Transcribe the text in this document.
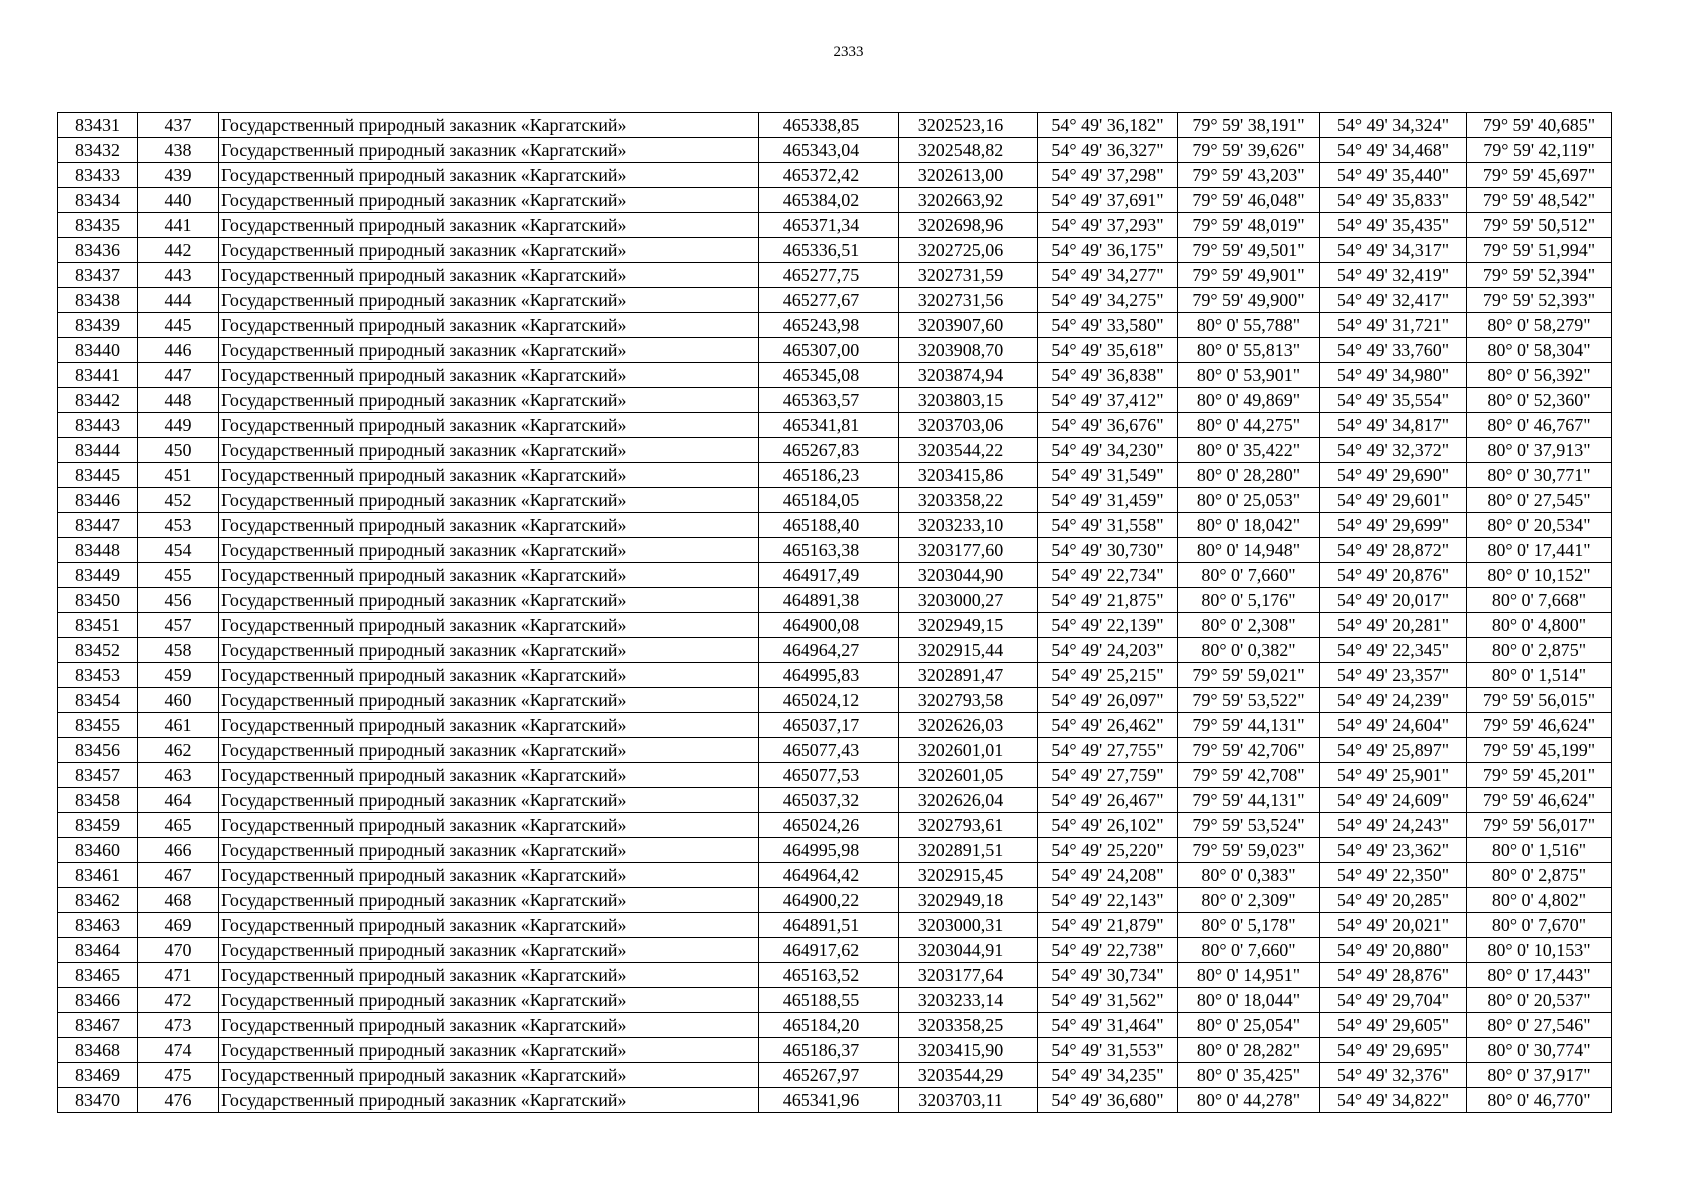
2333
83431	437	Государственный природный заказник «Каргатский»	465338,85	3202523,16	54° 49' 36,182"	79° 59' 38,191"	54° 49' 34,324"	79° 59' 40,685"
83432	438	Государственный природный заказник «Каргатский»	465343,04	3202548,82	54° 49' 36,327"	79° 59' 39,626"	54° 49' 34,468"	79° 59' 42,119"
83433	439	Государственный природный заказник «Каргатский»	465372,42	3202613,00	54° 49' 37,298"	79° 59' 43,203"	54° 49' 35,440"	79° 59' 45,697"
83434	440	Государственный природный заказник «Каргатский»	465384,02	3202663,92	54° 49' 37,691"	79° 59' 46,048"	54° 49' 35,833"	79° 59' 48,542"
83435	441	Государственный природный заказник «Каргатский»	465371,34	3202698,96	54° 49' 37,293"	79° 59' 48,019"	54° 49' 35,435"	79° 59' 50,512"
83436	442	Государственный природный заказник «Каргатский»	465336,51	3202725,06	54° 49' 36,175"	79° 59' 49,501"	54° 49' 34,317"	79° 59' 51,994"
83437	443	Государственный природный заказник «Каргатский»	465277,75	3202731,59	54° 49' 34,277"	79° 59' 49,901"	54° 49' 32,419"	79° 59' 52,394"
83438	444	Государственный природный заказник «Каргатский»	465277,67	3202731,56	54° 49' 34,275"	79° 59' 49,900"	54° 49' 32,417"	79° 59' 52,393"
83439	445	Государственный природный заказник «Каргатский»	465243,98	3203907,60	54° 49' 33,580"	80° 0' 55,788"	54° 49' 31,721"	80° 0' 58,279"
83440	446	Государственный природный заказник «Каргатский»	465307,00	3203908,70	54° 49' 35,618"	80° 0' 55,813"	54° 49' 33,760"	80° 0' 58,304"
83441	447	Государственный природный заказник «Каргатский»	465345,08	3203874,94	54° 49' 36,838"	80° 0' 53,901"	54° 49' 34,980"	80° 0' 56,392"
83442	448	Государственный природный заказник «Каргатский»	465363,57	3203803,15	54° 49' 37,412"	80° 0' 49,869"	54° 49' 35,554"	80° 0' 52,360"
83443	449	Государственный природный заказник «Каргатский»	465341,81	3203703,06	54° 49' 36,676"	80° 0' 44,275"	54° 49' 34,817"	80° 0' 46,767"
83444	450	Государственный природный заказник «Каргатский»	465267,83	3203544,22	54° 49' 34,230"	80° 0' 35,422"	54° 49' 32,372"	80° 0' 37,913"
83445	451	Государственный природный заказник «Каргатский»	465186,23	3203415,86	54° 49' 31,549"	80° 0' 28,280"	54° 49' 29,690"	80° 0' 30,771"
83446	452	Государственный природный заказник «Каргатский»	465184,05	3203358,22	54° 49' 31,459"	80° 0' 25,053"	54° 49' 29,601"	80° 0' 27,545"
83447	453	Государственный природный заказник «Каргатский»	465188,40	3203233,10	54° 49' 31,558"	80° 0' 18,042"	54° 49' 29,699"	80° 0' 20,534"
83448	454	Государственный природный заказник «Каргатский»	465163,38	3203177,60	54° 49' 30,730"	80° 0' 14,948"	54° 49' 28,872"	80° 0' 17,441"
83449	455	Государственный природный заказник «Каргатский»	464917,49	3203044,90	54° 49' 22,734"	80° 0' 7,660"	54° 49' 20,876"	80° 0' 10,152"
83450	456	Государственный природный заказник «Каргатский»	464891,38	3203000,27	54° 49' 21,875"	80° 0' 5,176"	54° 49' 20,017"	80° 0' 7,668"
83451	457	Государственный природный заказник «Каргатский»	464900,08	3202949,15	54° 49' 22,139"	80° 0' 2,308"	54° 49' 20,281"	80° 0' 4,800"
83452	458	Государственный природный заказник «Каргатский»	464964,27	3202915,44	54° 49' 24,203"	80° 0' 0,382"	54° 49' 22,345"	80° 0' 2,875"
83453	459	Государственный природный заказник «Каргатский»	464995,83	3202891,47	54° 49' 25,215"	79° 59' 59,021"	54° 49' 23,357"	80° 0' 1,514"
83454	460	Государственный природный заказник «Каргатский»	465024,12	3202793,58	54° 49' 26,097"	79° 59' 53,522"	54° 49' 24,239"	79° 59' 56,015"
83455	461	Государственный природный заказник «Каргатский»	465037,17	3202626,03	54° 49' 26,462"	79° 59' 44,131"	54° 49' 24,604"	79° 59' 46,624"
83456	462	Государственный природный заказник «Каргатский»	465077,43	3202601,01	54° 49' 27,755"	79° 59' 42,706"	54° 49' 25,897"	79° 59' 45,199"
83457	463	Государственный природный заказник «Каргатский»	465077,53	3202601,05	54° 49' 27,759"	79° 59' 42,708"	54° 49' 25,901"	79° 59' 45,201"
83458	464	Государственный природный заказник «Каргатский»	465037,32	3202626,04	54° 49' 26,467"	79° 59' 44,131"	54° 49' 24,609"	79° 59' 46,624"
83459	465	Государственный природный заказник «Каргатский»	465024,26	3202793,61	54° 49' 26,102"	79° 59' 53,524"	54° 49' 24,243"	79° 59' 56,017"
83460	466	Государственный природный заказник «Каргатский»	464995,98	3202891,51	54° 49' 25,220"	79° 59' 59,023"	54° 49' 23,362"	80° 0' 1,516"
83461	467	Государственный природный заказник «Каргатский»	464964,42	3202915,45	54° 49' 24,208"	80° 0' 0,383"	54° 49' 22,350"	80° 0' 2,875"
83462	468	Государственный природный заказник «Каргатский»	464900,22	3202949,18	54° 49' 22,143"	80° 0' 2,309"	54° 49' 20,285"	80° 0' 4,802"
83463	469	Государственный природный заказник «Каргатский»	464891,51	3203000,31	54° 49' 21,879"	80° 0' 5,178"	54° 49' 20,021"	80° 0' 7,670"
83464	470	Государственный природный заказник «Каргатский»	464917,62	3203044,91	54° 49' 22,738"	80° 0' 7,660"	54° 49' 20,880"	80° 0' 10,153"
83465	471	Государственный природный заказник «Каргатский»	465163,52	3203177,64	54° 49' 30,734"	80° 0' 14,951"	54° 49' 28,876"	80° 0' 17,443"
83466	472	Государственный природный заказник «Каргатский»	465188,55	3203233,14	54° 49' 31,562"	80° 0' 18,044"	54° 49' 29,704"	80° 0' 20,537"
83467	473	Государственный природный заказник «Каргатский»	465184,20	3203358,25	54° 49' 31,464"	80° 0' 25,054"	54° 49' 29,605"	80° 0' 27,546"
83468	474	Государственный природный заказник «Каргатский»	465186,37	3203415,90	54° 49' 31,553"	80° 0' 28,282"	54° 49' 29,695"	80° 0' 30,774"
83469	475	Государственный природный заказник «Каргатский»	465267,97	3203544,29	54° 49' 34,235"	80° 0' 35,425"	54° 49' 32,376"	80° 0' 37,917"
83470	476	Государственный природный заказник «Каргатский»	465341,96	3203703,11	54° 49' 36,680"	80° 0' 44,278"	54° 49' 34,822"	80° 0' 46,770"
